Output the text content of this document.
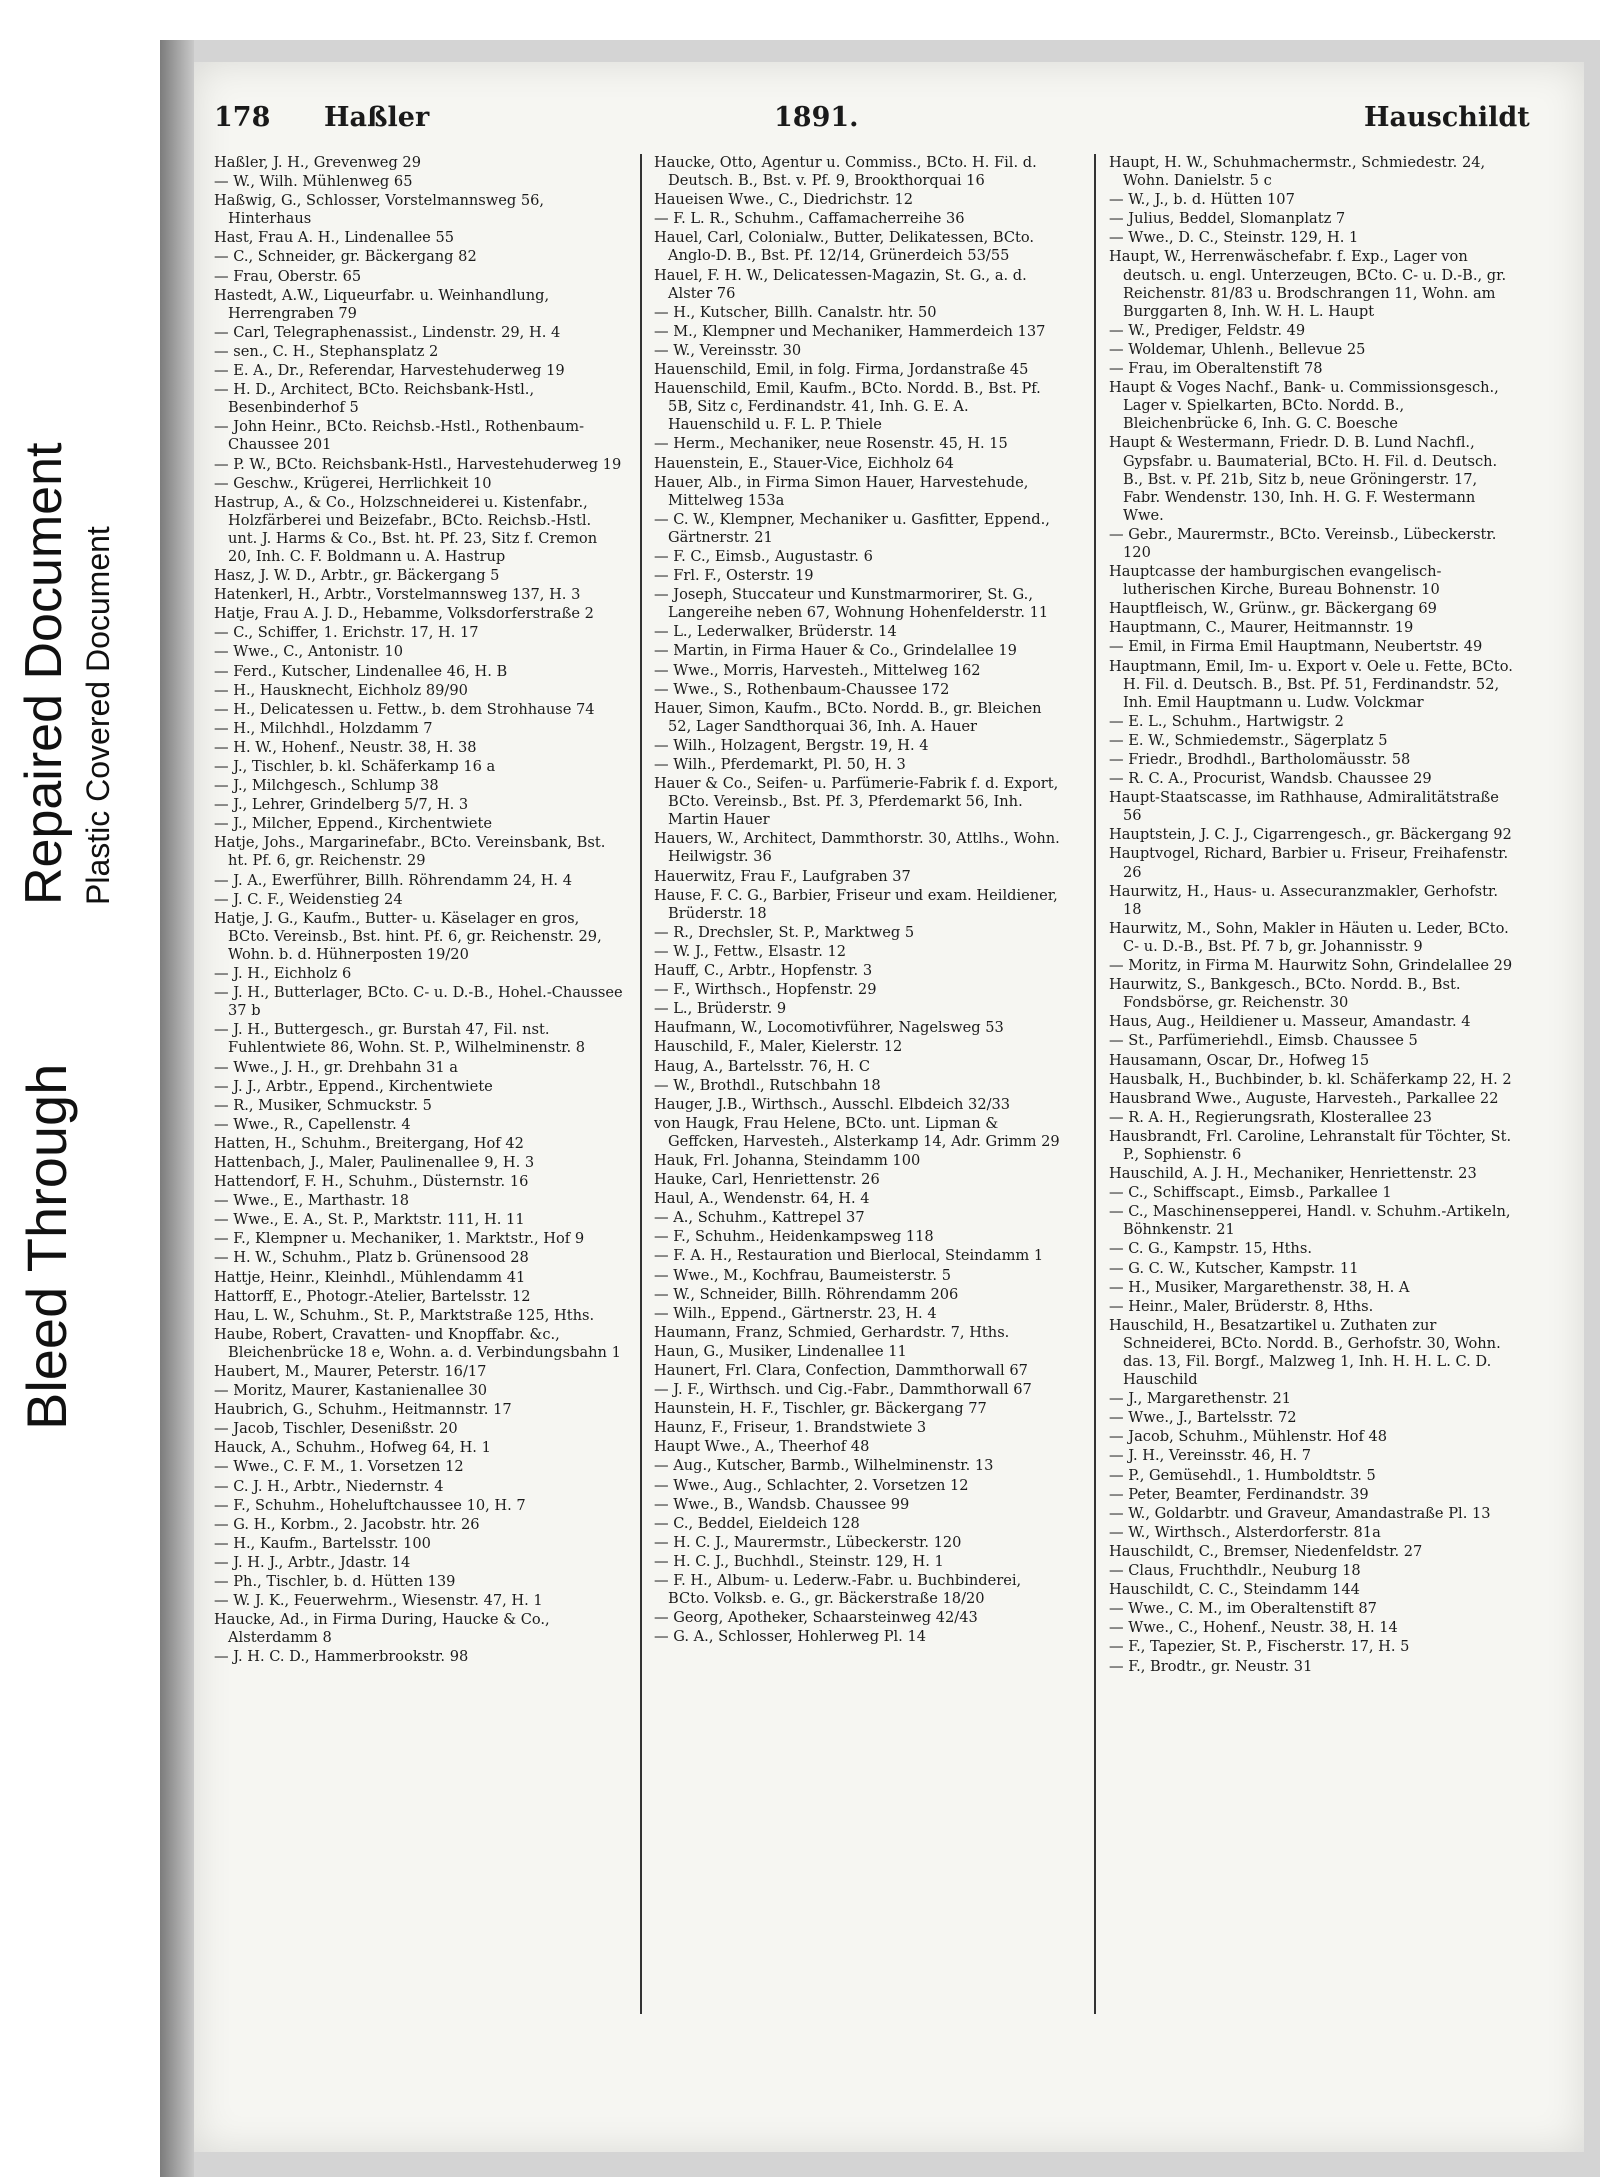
Bleed Through
Repaired Document Plastic Covered Document
178 Haßler	1891.	Hauschildt
Haßler, J. H., Grevenweg 29
— W., Wilh. Mühlenweg 65
Haßwig, G., Schlosser, Vorstelmannsweg 56, Hinterhaus
Hast, Frau A. H., Lindenallee 55
— C., Schneider, gr. Bäckergang 82
— Frau, Oberstr. 65
Hastedt, A.W., Liqueurfabr. u. Weinhandlung, Herrengraben 79
— Carl, Telegraphenassist., Lindenstr. 29, H. 4
— sen., C. H., Stephansplatz 2
— E. A., Dr., Referendar, Harvestehuderweg 19
— H. D., Architect, BCto. Reichsbank-Hstl., Besenbinderhof 5
— John Heinr., BCto. Reichsb.-Hstl., Rothenbaum-Chaussee 201
— P. W., BCto. Reichsbank-Hstl., Harvestehuderweg 19
— Geschw., Krügerei, Herrlichkeit 10
Hastrup, A., & Co., Holzschneiderei u. Kistenfabr., Holzfärberei und Beizefabr., BCto. Reichsb.-Hstl. unt. J. Harms & Co., Bst. ht. Pf. 23, Sitz f. Cremon 20, Inh. C. F. Boldmann u. A. Hastrup
Hasz, J. W. D., Arbtr., gr. Bäckergang 5
Hatenkerl, H., Arbtr., Vorstelmannsweg 137, H. 3
Hatje, Frau A. J. D., Hebamme, Volksdorferstraße 2
— C., Schiffer, 1. Erichstr. 17, H. 17
— Wwe., C., Antonistr. 10
— Ferd., Kutscher, Lindenallee 46, H. B
— H., Hausknecht, Eichholz 89/90
— H., Delicatessen u. Fettw., b. dem Strohhause 74
— H., Milchhdl., Holzdamm 7
— H. W., Hohenf., Neustr. 38, H. 38
— J., Tischler, b. kl. Schäferkamp 16 a
— J., Milchgesch., Schlump 38
— J., Lehrer, Grindelberg 5/7, H. 3
— J., Milcher, Eppend., Kirchentwiete
Hatje, Johs., Margarinefabr., BCto. Vereinsbank, Bst. ht. Pf. 6, gr. Reichenstr. 29
— J. A., Ewerführer, Billh. Röhrendamm 24, H. 4
— J. C. F., Weidenstieg 24
Hatje, J. G., Kaufm., Butter- u. Käselager en gros, BCto. Vereinsb., Bst. hint. Pf. 6, gr. Reichenstr. 29, Wohn. b. d. Hühnerposten 19/20
— J. H., Eichholz 6
— J. H., Butterlager, BCto. C- u. D.-B., Hohel.-Chaussee 37 b
— J. H., Buttergesch., gr. Burstah 47, Fil. nst. Fuhlentwiete 86, Wohn. St. P., Wilhelminenstr. 8
— Wwe., J. H., gr. Drehbahn 31 a
— J. J., Arbtr., Eppend., Kirchentwiete
— R., Musiker, Schmuckstr. 5
— Wwe., R., Capellenstr. 4
Hatten, H., Schuhm., Breitergang, Hof 42
Hattenbach, J., Maler, Paulinenallee 9, H. 3
Hattendorf, F. H., Schuhm., Düsternstr. 16
— Wwe., E., Marthastr. 18
— Wwe., E. A., St. P., Marktstr. 111, H. 11
— F., Klempner u. Mechaniker, 1. Marktstr., Hof 9
— H. W., Schuhm., Platz b. Grünensood 28
Hattje, Heinr., Kleinhdl., Mühlendamm 41
Hattorff, E., Photogr.-Atelier, Bartelsstr. 12
Hau, L. W., Schuhm., St. P., Marktstraße 125, Hths.
Haube, Robert, Cravatten- und Knopffabr. &c., Bleichenbrücke 18 e, Wohn. a. d. Verbindungsbahn 1
Haubert, M., Maurer, Peterstr. 16/17
— Moritz, Maurer, Kastanienallee 30
Haubrich, G., Schuhm., Heitmannstr. 17
— Jacob, Tischler, Desenißstr. 20
Hauck, A., Schuhm., Hofweg 64, H. 1
— Wwe., C. F. M., 1. Vorsetzen 12
— C. J. H., Arbtr., Niedernstr. 4
— F., Schuhm., Hoheluftchaussee 10, H. 7
— G. H., Korbm., 2. Jacobstr. htr. 26
— H., Kaufm., Bartelsstr. 100
— J. H. J., Arbtr., Jdastr. 14
— Ph., Tischler, b. d. Hütten 139
— W. J. K., Feuerwehrm., Wiesenstr. 47, H. 1
Haucke, Ad., in Firma During, Haucke & Co., Alsterdamm 8
— J. H. C. D., Hammerbrookstr. 98
Haucke, Otto, Agentur u. Commiss., BCto. H. Fil. d. Deutsch. B., Bst. v. Pf. 9, Brookthorquai 16
Haueisen Wwe., C., Diedrichstr. 12
— F. L. R., Schuhm., Caffamacherreihe 36
Hauel, Carl, Colonialw., Butter, Delikatessen, BCto. Anglo-D. B., Bst. Pf. 12/14, Grünerdeich 53/55
Hauel, F. H. W., Delicatessen-Magazin, St. G., a. d. Alster 76
— H., Kutscher, Billh. Canalstr. htr. 50
— M., Klempner und Mechaniker, Hammerdeich 137
— W., Vereinsstr. 30
Hauenschild, Emil, in folg. Firma, Jordanstraße 45
Hauenschild, Emil, Kaufm., BCto. Nordd. B., Bst. Pf. 5B, Sitz c, Ferdinandstr. 41, Inh. G. E. A. Hauenschild u. F. L. P. Thiele
— Herm., Mechaniker, neue Rosenstr. 45, H. 15
Hauenstein, E., Stauer-Vice, Eichholz 64
Hauer, Alb., in Firma Simon Hauer, Harvestehude, Mittelweg 153a
— C. W., Klempner, Mechaniker u. Gasfitter, Eppend., Gärtnerstr. 21
— F. C., Eimsb., Augustastr. 6
— Frl. F., Osterstr. 19
— Joseph, Stuccateur und Kunstmarmorirer, St. G., Langereihe neben 67, Wohnung Hohenfelderstr. 11
— L., Lederwalker, Brüderstr. 14
— Martin, in Firma Hauer & Co., Grindelallee 19
— Wwe., Morris, Harvesteh., Mittelweg 162
— Wwe., S., Rothenbaum-Chaussee 172
Hauer, Simon, Kaufm., BCto. Nordd. B., gr. Bleichen 52, Lager Sandthorquai 36, Inh. A. Hauer
— Wilh., Holzagent, Bergstr. 19, H. 4
— Wilh., Pferdemarkt, Pl. 50, H. 3
Hauer & Co., Seifen- u. Parfümerie-Fabrik f. d. Export, BCto. Vereinsb., Bst. Pf. 3, Pferdemarkt 56, Inh. Martin Hauer
Hauers, W., Architect, Dammthorstr. 30, Attlhs., Wohn. Heilwigstr. 36
Hauerwitz, Frau F., Laufgraben 37
Hause, F. C. G., Barbier, Friseur und exam. Heildiener, Brüderstr. 18
— R., Drechsler, St. P., Marktweg 5
— W. J., Fettw., Elsastr. 12
Hauff, C., Arbtr., Hopfenstr. 3
— F., Wirthsch., Hopfenstr. 29
— L., Brüderstr. 9
Haufmann, W., Locomotivführer, Nagelsweg 53
Hauschild, F., Maler, Kielerstr. 12
Haug, A., Bartelsstr. 76, H. C
— W., Brothdl., Rutschbahn 18
Hauger, J.B., Wirthsch., Ausschl. Elbdeich 32/33
von Haugk, Frau Helene, BCto. unt. Lipman & Geffcken, Harvesteh., Alsterkamp 14, Adr. Grimm 29
Hauk, Frl. Johanna, Steindamm 100
Hauke, Carl, Henriettenstr. 26
Haul, A., Wendenstr. 64, H. 4
— A., Schuhm., Kattrepel 37
— F., Schuhm., Heidenkampsweg 118
— F. A. H., Restauration und Bierlocal, Steindamm 1
— Wwe., M., Kochfrau, Baumeisterstr. 5
— W., Schneider, Billh. Röhrendamm 206
— Wilh., Eppend., Gärtnerstr. 23, H. 4
Haumann, Franz, Schmied, Gerhardstr. 7, Hths.
Haun, G., Musiker, Lindenallee 11
Haunert, Frl. Clara, Confection, Dammthorwall 67
— J. F., Wirthsch. und Cig.-Fabr., Dammthorwall 67
Haunstein, H. F., Tischler, gr. Bäckergang 77
Haunz, F., Friseur, 1. Brandstwiete 3
Haupt Wwe., A., Theerhof 48
— Aug., Kutscher, Barmb., Wilhelminenstr. 13
— Wwe., Aug., Schlachter, 2. Vorsetzen 12
— Wwe., B., Wandsb. Chaussee 99
— C., Beddel, Eieldeich 128
— H. C. J., Maurermstr., Lübeckerstr. 120
— H. C. J., Buchhdl., Steinstr. 129, H. 1
— F. H., Album- u. Lederw.-Fabr. u. Buchbinderei, BCto. Volksb. e. G., gr. Bäckerstraße 18/20
— Georg, Apotheker, Schaarsteinweg 42/43
— G. A., Schlosser, Hohlerweg Pl. 14
Haupt, H. W., Schuhmachermstr., Schmiedestr. 24, Wohn. Danielstr. 5 c
— W., J., b. d. Hütten 107
— Julius, Beddel, Slomanplatz 7
— Wwe., D. C., Steinstr. 129, H. 1
Haupt, W., Herrenwäschefabr. f. Exp., Lager von deutsch. u. engl. Unterzeugen, BCto. C- u. D.-B., gr. Reichenstr. 81/83 u. Brodschrangen 11, Wohn. am Burggarten 8, Inh. W. H. L. Haupt
— W., Prediger, Feldstr. 49
— Woldemar, Uhlenh., Bellevue 25
— Frau, im Oberaltenstift 78
Haupt & Voges Nachf., Bank- u. Commissionsgesch., Lager v. Spielkarten, BCto. Nordd. B., Bleichenbrücke 6, Inh. G. C. Boesche
Haupt & Westermann, Friedr. D. B. Lund Nachfl., Gypsfabr. u. Baumaterial, BCto. H. Fil. d. Deutsch. B., Bst. v. Pf. 21b, Sitz b, neue Gröningerstr. 17, Fabr. Wendenstr. 130, Inh. H. G. F. Westermann Wwe.
— Gebr., Maurermstr., BCto. Vereinsb., Lübeckerstr. 120
Hauptcasse der hamburgischen evangelisch-lutherischen Kirche, Bureau Bohnenstr. 10
Hauptfleisch, W., Grünw., gr. Bäckergang 69
Hauptmann, C., Maurer, Heitmannstr. 19
— Emil, in Firma Emil Hauptmann, Neubertstr. 49
Hauptmann, Emil, Im- u. Export v. Oele u. Fette, BCto. H. Fil. d. Deutsch. B., Bst. Pf. 51, Ferdinandstr. 52, Inh. Emil Hauptmann u. Ludw. Volckmar
— E. L., Schuhm., Hartwigstr. 2
— E. W., Schmiedemstr., Sägerplatz 5
— Friedr., Brodhdl., Bartholomäusstr. 58
— R. C. A., Procurist, Wandsb. Chaussee 29
Haupt-Staatscasse, im Rathhause, Admiralitätstraße 56
Hauptstein, J. C. J., Cigarrengesch., gr. Bäckergang 92
Hauptvogel, Richard, Barbier u. Friseur, Freihafenstr. 26
Haurwitz, H., Haus- u. Assecuranzmakler, Gerhofstr. 18
Haurwitz, M., Sohn, Makler in Häuten u. Leder, BCto. C- u. D.-B., Bst. Pf. 7 b, gr. Johannisstr. 9
— Moritz, in Firma M. Haurwitz Sohn, Grindelallee 29
Haurwitz, S., Bankgesch., BCto. Nordd. B., Bst. Fondsbörse, gr. Reichenstr. 30
Haus, Aug., Heildiener u. Masseur, Amandastr. 4
— St., Parfümeriehdl., Eimsb. Chaussee 5
Hausamann, Oscar, Dr., Hofweg 15
Hausbalk, H., Buchbinder, b. kl. Schäferkamp 22, H. 2
Hausbrand Wwe., Auguste, Harvesteh., Parkallee 22
— R. A. H., Regierungsrath, Klosterallee 23
Hausbrandt, Frl. Caroline, Lehranstalt für Töchter, St. P., Sophienstr. 6
Hauschild, A. J. H., Mechaniker, Henriettenstr. 23
— C., Schiffscapt., Eimsb., Parkallee 1
— C., Maschinensepperei, Handl. v. Schuhm.-Artikeln, Böhnkenstr. 21
— C. G., Kampstr. 15, Hths.
— G. C. W., Kutscher, Kampstr. 11
— H., Musiker, Margarethenstr. 38, H. A
— Heinr., Maler, Brüderstr. 8, Hths.
Hauschild, H., Besatzartikel u. Zuthaten zur Schneiderei, BCto. Nordd. B., Gerhofstr. 30, Wohn. das. 13, Fil. Borgf., Malzweg 1, Inh. H. H. L. C. D. Hauschild
— J., Margarethenstr. 21
— Wwe., J., Bartelsstr. 72
— Jacob, Schuhm., Mühlenstr. Hof 48
— J. H., Vereinsstr. 46, H. 7
— P., Gemüsehdl., 1. Humboldtstr. 5
— Peter, Beamter, Ferdinandstr. 39
— W., Goldarbtr. und Graveur, Amandastraße Pl. 13
— W., Wirthsch., Alsterdorferstr. 81a
Hauschildt, C., Bremser, Niedenfeldstr. 27
— Claus, Fruchthdlr., Neuburg 18
Hauschildt, C. C., Steindamm 144
— Wwe., C. M., im Oberaltenstift 87
— Wwe., C., Hohenf., Neustr. 38, H. 14
— F., Tapezier, St. P., Fischerstr. 17, H. 5
— F., Brodtr., gr. Neustr. 31
